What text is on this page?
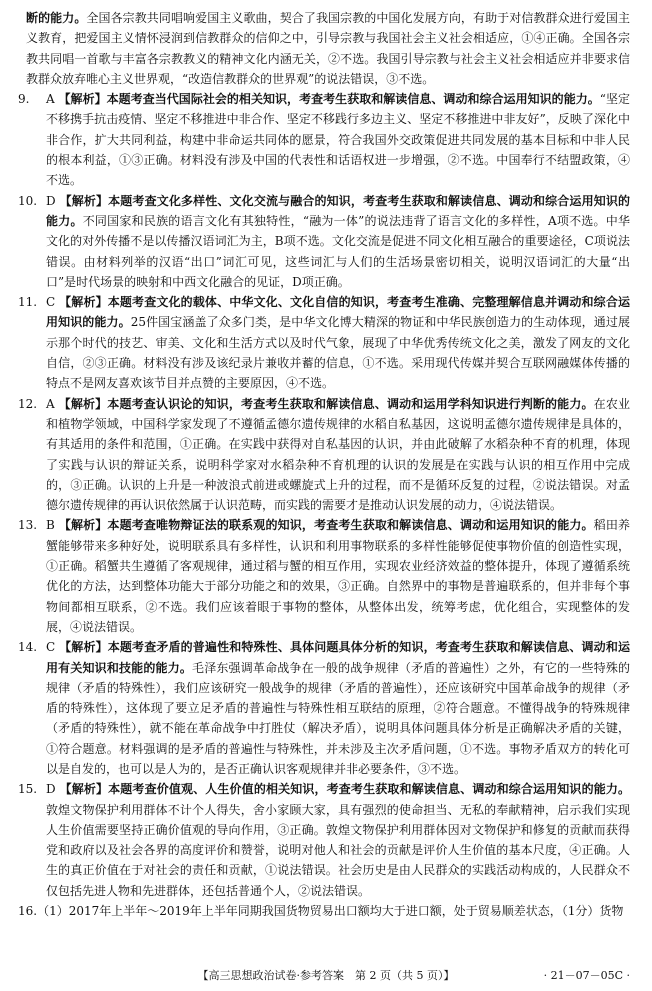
断的能力。全国各宗教共同唱响爱国主义歌曲，契合了我国宗教的中国化发展方向，有助于对信教群众进行爱国主义教育，把爱国主义情怀浸润到信教群众的信仰之中，引导宗教与我国社会主义社会相适应，①④正确。全国各宗教共同唱一首歌与丰富各宗教教义的精神文化内涵无关，②不选。我国引导宗教与社会主义社会相适应并非要求信教群众放弃唯心主义世界观，“改造信教群众的世界观”的说法错误，③不选。

9. A 【解析】本题考查当代国际社会的相关知识，考查考生获取和解读信息、调动和综合运用知识的能力。“坚定不移携手抗击疫情、坚定不移推进中非合作、坚定不移践行多边主义、坚定不移推进中非友好”，反映了深化中非合作，扩大共同利益，构建中非命运共同体的愿景，符合我国外交政策促进共同发展的基本目标和中非人民的根本利益，①③正确。材料没有涉及中国的代表性和话语权进一步增强，②不选。中国奉行不结盟政策，④不选。

10. D 【解析】本题考查文化多样性、文化交流与融合的知识，考查考生获取和解读信息、调动和综合运用知识的能力。不同国家和民族的语言文化有其独特性，“融为一体”的说法违背了语言文化的多样性，A项不选。中华文化的对外传播不是以传播汉语词汇为主，B项不选。文化交流是促进不同文化相互融合的重要途径，C项说法错误。由材料列举的汉语“出口”词汇可见，这些词汇与人们的生活场景密切相关，说明汉语词汇的大量“出口”是时代场景的映射和中西文化融合的见证，D项正确。

11. C 【解析】本题考查文化的载体、中华文化、文化自信的知识，考查考生准确、完整理解信息并调动和综合运用知识的能力。25件国宝涵盖了众多门类，是中华文化博大精深的物证和中华民族创造力的生动体现，通过展示那个时代的技艺、审美、文化和生活方式以及时代气象，展现了中华优秀传统文化之美，激发了网友的文化自信，②③正确。材料没有涉及该纪录片兼收并蓄的信息，①不选。采用现代传媒并契合互联网融媒体传播的特点不是网友喜欢该节目并点赞的主要原因，④不选。

12. A 【解析】本题考查认识论的知识，考查考生获取和解读信息、调动和运用学科知识进行判断的能力。在农业和植物学领域，中国科学家发现了不遵循孟德尔遗传规律的水稻自私基因，这说明孟德尔遗传规律是具体的，有其适用的条件和范围，①正确。在实践中获得对自私基因的认识，并由此破解了水稻杂种不育的机理，体现了实践与认识的辩证关系，说明科学家对水稻杂种不育机理的认识的发展是在实践与认识的相互作用中完成的，③正确。认识的上升是一种波浪式前进或螺旋式上升的过程，而不是循环反复的过程，②说法错误。对孟德尔遗传规律的再认识依然属于认识范畴，而实践的需要才是推动认识发展的动力，④说法错误。

13. B 【解析】本题考查唯物辩证法的联系观的知识，考查考生获取和解读信息、调动和运用知识的能力。稻田养蟹能够带来多种好处，说明联系具有多样性，认识和利用事物联系的多样性能够促使事物价值的创造性实现，①正确。稻蟹共生遵循了客观规律，通过稻与蟹的相互作用，实现农业经济效益的整体提升，体现了遵循系统优化的方法，达到整体功能大于部分功能之和的效果，③正确。自然界中的事物是普遍联系的，但并非每个事物间都相互联系，②不选。我们应该着眼于事物的整体，从整体出发，统筹考虑，优化组合，实现整体的发展，④说法错误。

14. C 【解析】本题考查矛盾的普遍性和特殊性、具体问题具体分析的知识，考查考生获取和解读信息、调动和运用有关知识和技能的能力。毛泽东强调革命战争在一般的战争规律（矛盾的普遍性）之外，有它的一些特殊的规律（矛盾的特殊性），我们应该研究一般战争的规律（矛盾的普遍性），还应该研究中国革命战争的规律（矛盾的特殊性），这体现了要立足矛盾的普遍性与特殊性相互联结的原理，②符合题意。不懂得战争的特殊规律（矛盾的特殊性），就不能在革命战争中打胜仗（解决矛盾），说明具体问题具体分析是正确解决矛盾的关键，①符合题意。材料强调的是矛盾的普遍性与特殊性，并未涉及主次矛盾问题，①不选。事物矛盾双方的转化可以是自发的，也可以是人为的，是否正确认识客观规律并非必要条件，③不选。

15. D 【解析】本题考查价值观、人生价值的相关知识，考查考生获取和解读信息、调动和综合运用知识的能力。敦煌文物保护利用群体不计个人得失，舍小家顾大家，具有强烈的使命担当、无私的奉献精神，启示我们实现人生价值需要坚持正确价值观的导向作用，③正确。敦煌文物保护利用群体因对文物保护和修复的贡献而获得党和政府以及社会各界的高度评价和赞誉，说明对他人和社会的贡献是评价人生价值的基本尺度，④正确。人生的真正价值在于对社会的责任和贡献，①说法错误。社会历史是由人民群众的实践活动构成的，人民群众不仅包括先进人物和先进群体，还包括普通个人，②说法错误。

16.（1）2017年上半年～2019年上半年同期我国货物贸易出口额均大于进口额，处于贸易顺差状态，（1分）货物

【高三思想政治试卷·参考答案　第 2 页（共 5 页）】	· 21－07－05C ·
